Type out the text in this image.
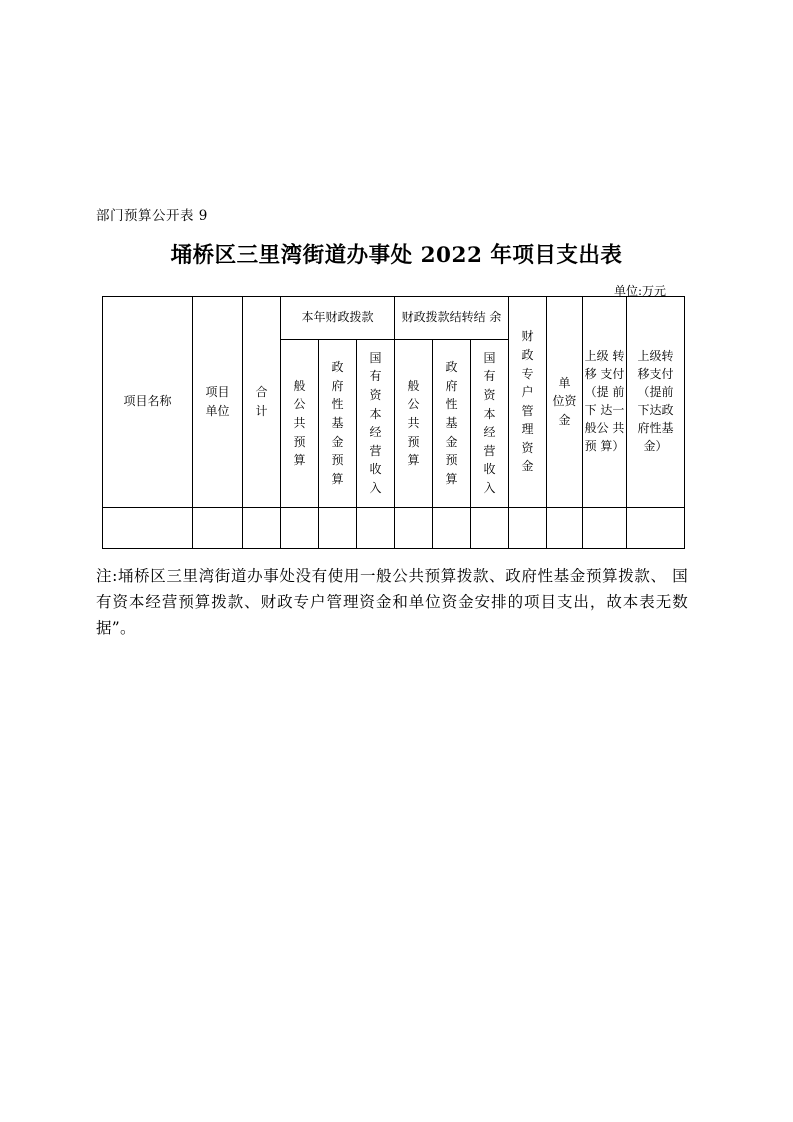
部门预算公开表 9
埇桥区三里湾街道办事处 2022 年项目支出表
单位:万元
项目名称	项目 单位	合计	本年财政拨款			财政拨款结转结 余			财政专户管理资金	单 位资 金	上级 转移 支付（提 前下 达一般公 共预 算）	上级转 移支付（提前 下达政 府性基 金）
			般公共预算	政府性基金预算	国有资本经营收入	般公共预算	政府性基金预算	国有资本经营收入				

注:埇桥区三里湾街道办事处没有使用一般公共预算拨款、政府性基金预算拨款、 国有资本经营预算拨款、财政专户管理资金和单位资金安排的项目支出，故本表无数据”。
